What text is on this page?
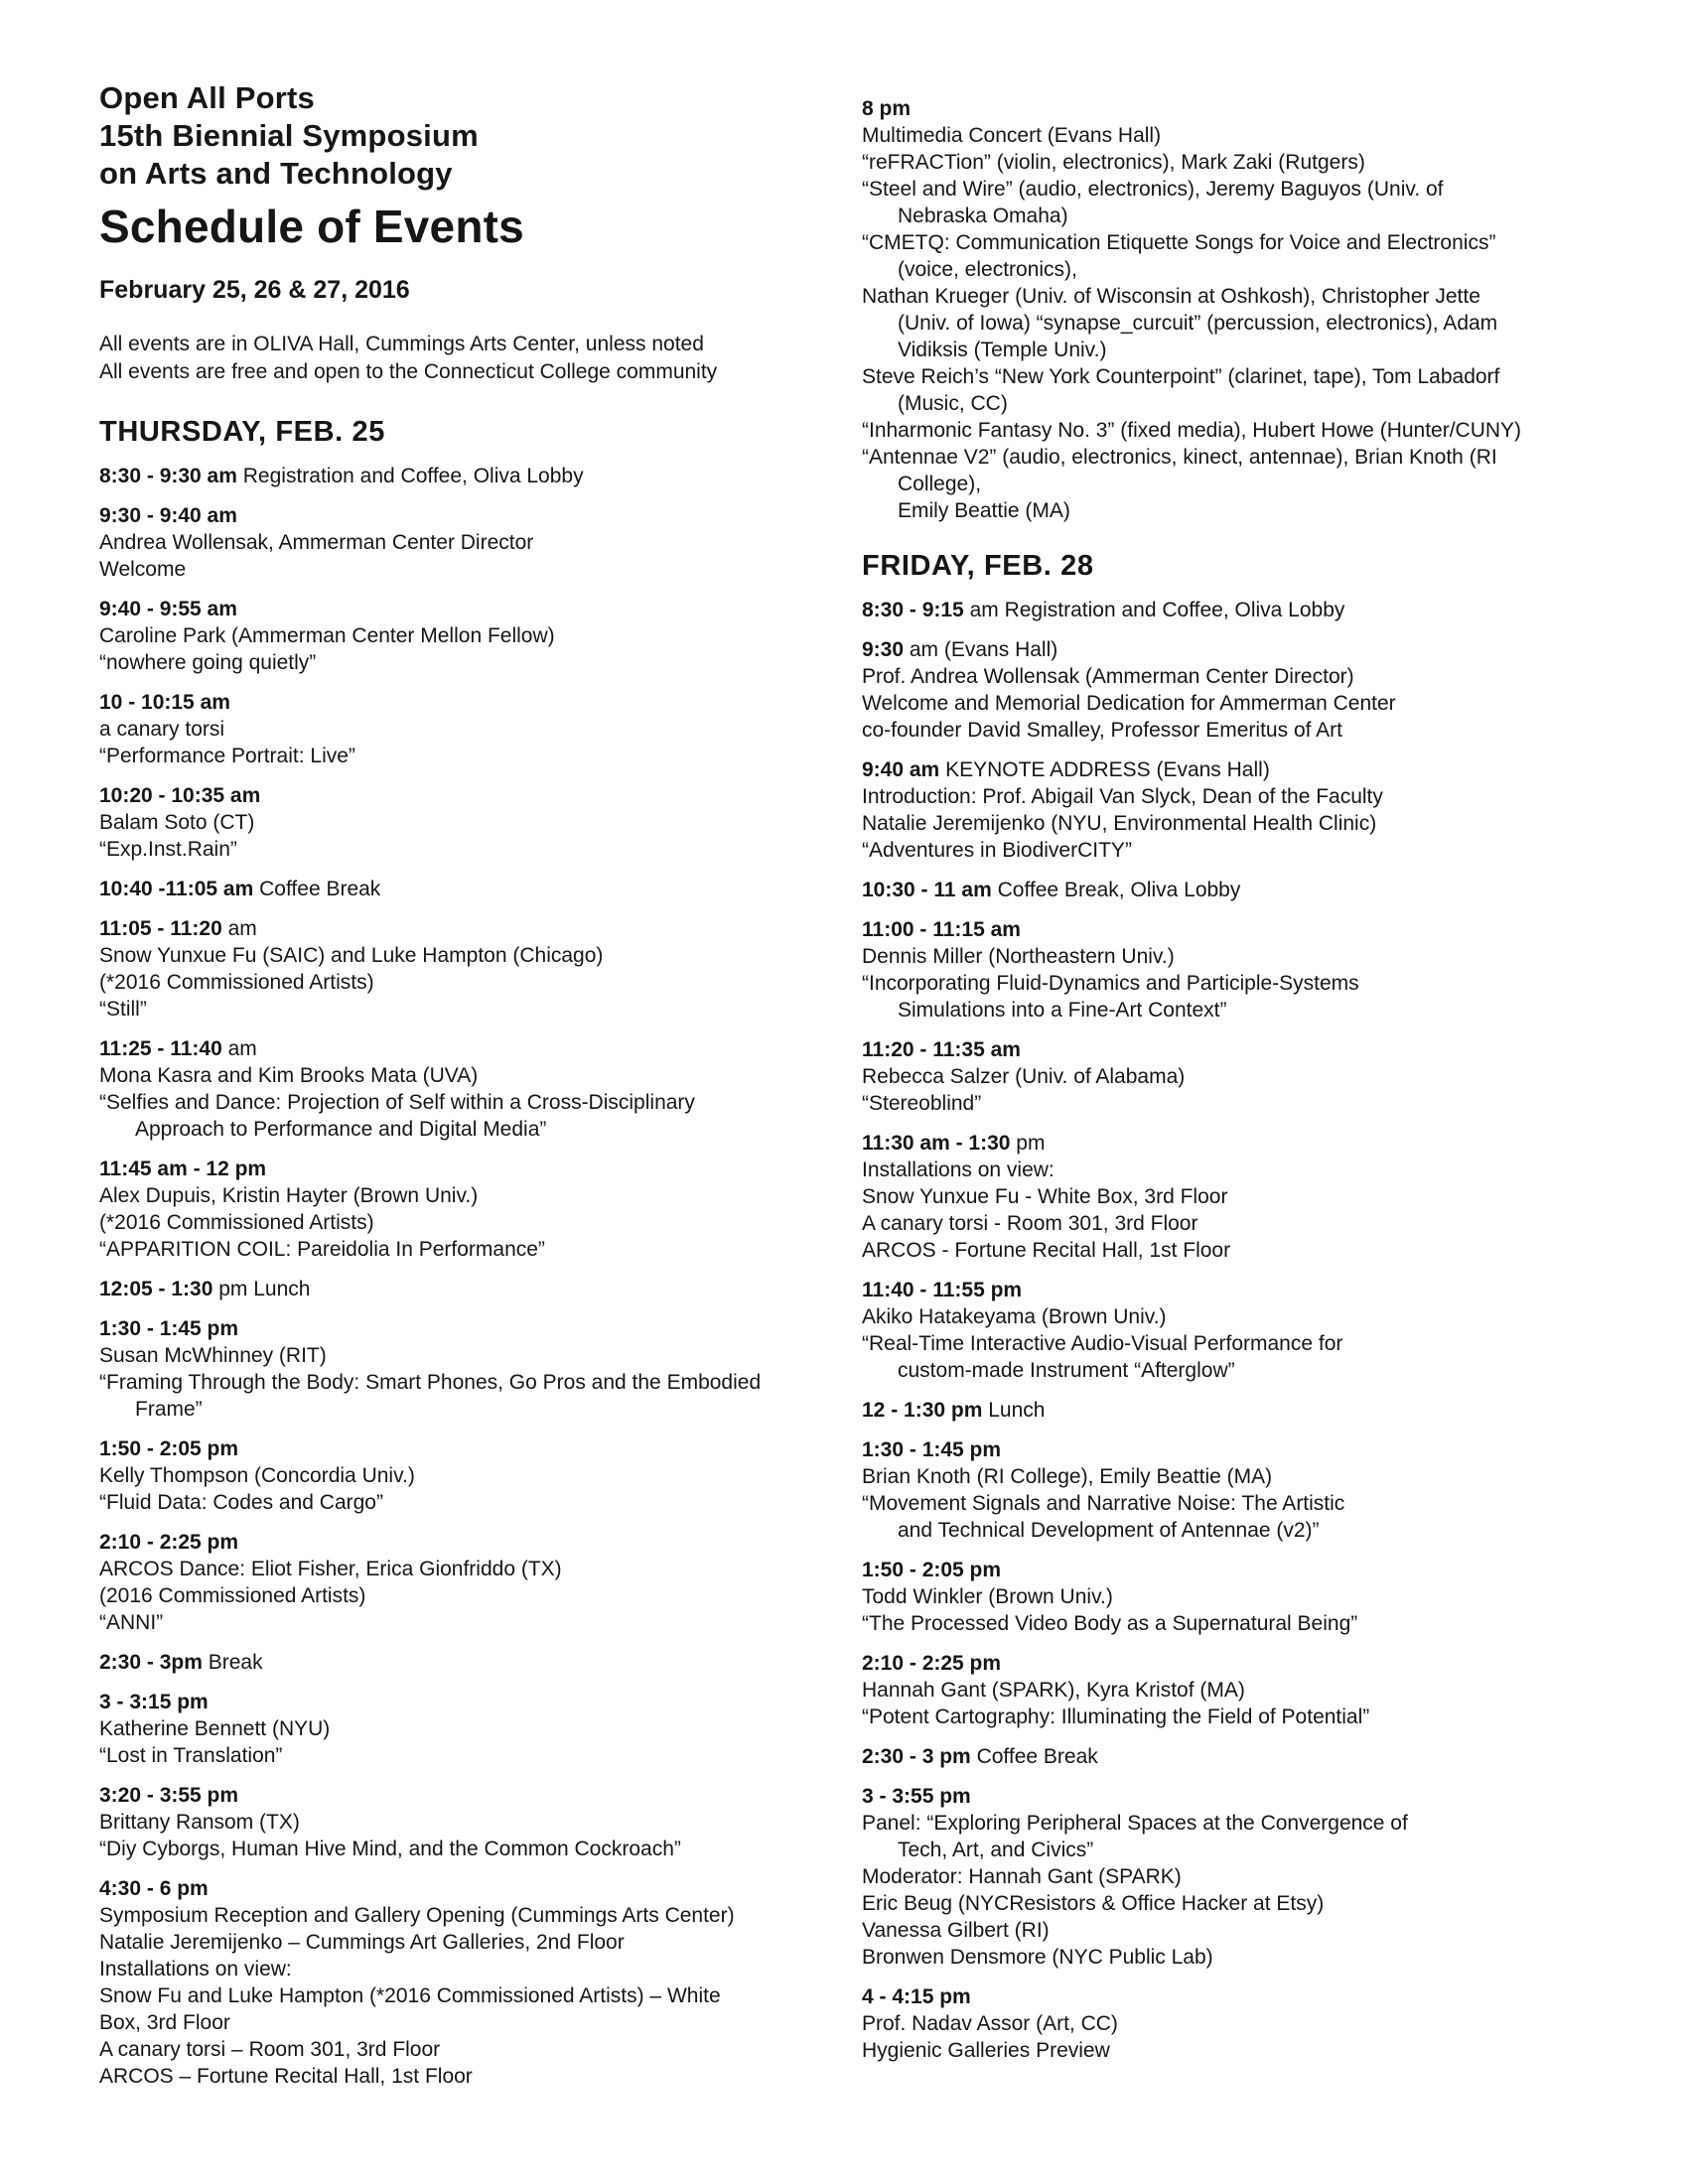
Open All Ports
15th Biennial Symposium
on Arts and Technology
Schedule of Events
February 25, 26 & 27, 2016
All events are in OLIVA Hall, Cummings Arts Center, unless noted
All events are free and open to the Connecticut College community
THURSDAY, FEB. 25
8:30 - 9:30 am Registration and Coffee, Oliva Lobby
9:30 - 9:40 am
Andrea Wollensak, Ammerman Center Director
Welcome
9:40 - 9:55 am
Caroline Park (Ammerman Center Mellon Fellow)
“nowhere going quietly”
10 - 10:15 am
a canary torsi
“Performance Portrait: Live”
10:20 - 10:35 am
Balam Soto (CT)
“Exp.Inst.Rain”
10:40 -11:05 am Coffee Break
11:05 - 11:20 am
Snow Yunxue Fu (SAIC) and Luke Hampton (Chicago)
(*2016 Commissioned Artists)
“Still”
11:25 - 11:40 am
Mona Kasra and Kim Brooks Mata (UVA)
“Selfies and Dance: Projection of Self within a Cross-Disciplinary
Approach to Performance and Digital Media”
11:45 am - 12 pm
Alex Dupuis, Kristin Hayter (Brown Univ.)
(*2016 Commissioned Artists)
“APPARITION COIL: Pareidolia In Performance”
12:05 - 1:30 pm Lunch
1:30 - 1:45 pm
Susan McWhinney (RIT)
“Framing Through the Body: Smart Phones, Go Pros and the Embodied
Frame”
1:50 - 2:05 pm
Kelly Thompson (Concordia Univ.)
“Fluid Data: Codes and Cargo”
2:10 - 2:25 pm
ARCOS Dance: Eliot Fisher, Erica Gionfriddo (TX)
(2016 Commissioned Artists)
“ANNI”
2:30 - 3pm Break
3 - 3:15 pm
Katherine Bennett (NYU)
“Lost in Translation”
3:20 - 3:55 pm
Brittany Ransom (TX)
“Diy Cyborgs, Human Hive Mind, and the Common Cockroach”
4:30 - 6 pm
Symposium Reception and Gallery Opening (Cummings Arts Center)
Natalie Jeremijenko – Cummings Art Galleries, 2nd Floor
Installations on view:
Snow Fu and Luke Hampton (*2016 Commissioned Artists) – White
Box, 3rd Floor
A canary torsi – Room 301, 3rd Floor
ARCOS – Fortune Recital Hall, 1st Floor
8 pm
Multimedia Concert (Evans Hall)
“reFRACTion” (violin, electronics), Mark Zaki (Rutgers)
“Steel and Wire” (audio, electronics), Jeremy Baguyos (Univ. of
Nebraska Omaha)
“CMETQ: Communication Etiquette Songs for Voice and Electronics”
(voice, electronics),
Nathan Krueger (Univ. of Wisconsin at Oshkosh), Christopher Jette
(Univ. of Iowa) “synapse_curcuit” (percussion, electronics), Adam
Vidiksis (Temple Univ.)
Steve Reich’s “New York Counterpoint” (clarinet, tape), Tom Labadorf
(Music, CC)
“Inharmonic Fantasy No. 3” (fixed media), Hubert Howe (Hunter/CUNY)
“Antennae V2” (audio, electronics, kinect, antennae), Brian Knoth (RI
College),
Emily Beattie (MA)
FRIDAY, FEB. 28
8:30 - 9:15 am Registration and Coffee, Oliva Lobby
9:30 am (Evans Hall)
Prof. Andrea Wollensak (Ammerman Center Director)
Welcome and Memorial Dedication for Ammerman Center
co-founder David Smalley, Professor Emeritus of Art
9:40 am KEYNOTE ADDRESS (Evans Hall)
Introduction: Prof. Abigail Van Slyck, Dean of the Faculty
Natalie Jeremijenko (NYU, Environmental Health Clinic)
“Adventures in BiodiverCITY”
10:30 - 11 am Coffee Break, Oliva Lobby
11:00 - 11:15 am
Dennis Miller (Northeastern Univ.)
“Incorporating Fluid-Dynamics and Participle-Systems
Simulations into a Fine-Art Context”
11:20 - 11:35 am
Rebecca Salzer (Univ. of Alabama)
“Stereoblind”
11:30 am - 1:30 pm
Installations on view:
Snow Yunxue Fu - White Box, 3rd Floor
A canary torsi - Room 301, 3rd Floor
ARCOS - Fortune Recital Hall, 1st Floor
11:40 - 11:55 pm
Akiko Hatakeyama (Brown Univ.)
“Real-Time Interactive Audio-Visual Performance for
custom-made Instrument “Afterglow”
12 - 1:30 pm Lunch
1:30 - 1:45 pm
Brian Knoth (RI College), Emily Beattie (MA)
“Movement Signals and Narrative Noise: The Artistic
and Technical Development of Antennae (v2)”
1:50 - 2:05 pm
Todd Winkler (Brown Univ.)
“The Processed Video Body as a Supernatural Being”
2:10 - 2:25 pm
Hannah Gant (SPARK), Kyra Kristof (MA)
“Potent Cartography: Illuminating the Field of Potential”
2:30 - 3 pm Coffee Break
3 - 3:55 pm
Panel: “Exploring Peripheral Spaces at the Convergence of
Tech, Art, and Civics”
Moderator: Hannah Gant (SPARK)
Eric Beug (NYCResistors & Office Hacker at Etsy)
Vanessa Gilbert (RI)
Bronwen Densmore (NYC Public Lab)
4 - 4:15 pm
Prof. Nadav Assor (Art, CC)
Hygienic Galleries Preview
